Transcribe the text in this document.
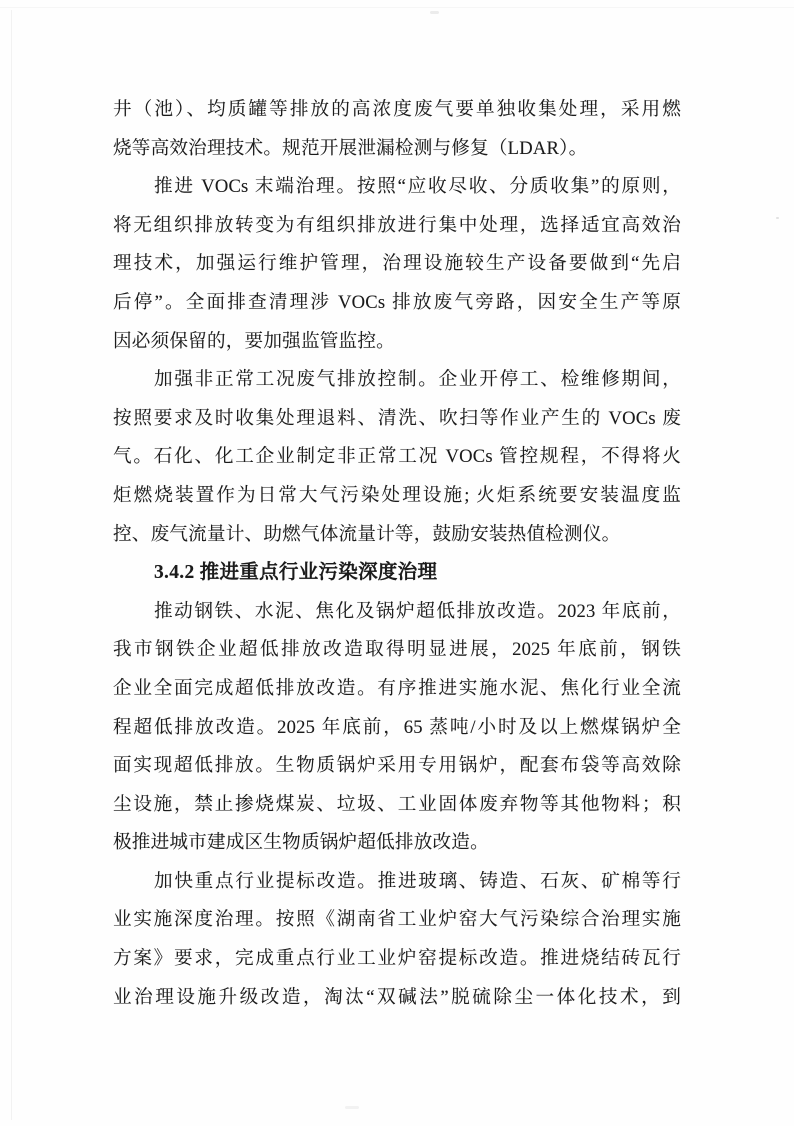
井（池）、均质罐等排放的高浓度废气要单独收集处理，采用燃

烧等高效治理技术。规范开展泄漏检测与修复（LDAR）。

推进 VOCs 末端治理。按照“应收尽收、分质收集”的原则，

将无组织排放转变为有组织排放进行集中处理，选择适宜高效治

理技术，加强运行维护管理，治理设施较生产设备要做到“先启

后停”。全面排查清理涉 VOCs 排放废气旁路，因安全生产等原

因必须保留的，要加强监管监控。

加强非正常工况废气排放控制。企业开停工、检维修期间，

按照要求及时收集处理退料、清洗、吹扫等作业产生的 VOCs 废

气。石化、化工企业制定非正常工况 VOCs 管控规程，不得将火

炬燃烧装置作为日常大气污染处理设施; 火炬系统要安装温度监

控、废气流量计、助燃气体流量计等，鼓励安装热值检测仪。

3.4.2 推进重点行业污染深度治理

推动钢铁、水泥、焦化及锅炉超低排放改造。2023 年底前，

我市钢铁企业超低排放改造取得明显进展，2025 年底前，钢铁

企业全面完成超低排放改造。有序推进实施水泥、焦化行业全流

程超低排放改造。2025 年底前，65 蒸吨/小时及以上燃煤锅炉全

面实现超低排放。生物质锅炉采用专用锅炉，配套布袋等高效除

尘设施，禁止掺烧煤炭、垃圾、工业固体废弃物等其他物料；积

极推进城市建成区生物质锅炉超低排放改造。

加快重点行业提标改造。推进玻璃、铸造、石灰、矿棉等行

业实施深度治理。按照《湖南省工业炉窑大气污染综合治理实施

方案》要求，完成重点行业工业炉窑提标改造。推进烧结砖瓦行

业治理设施升级改造，淘汰“双碱法”脱硫除尘一体化技术，到
